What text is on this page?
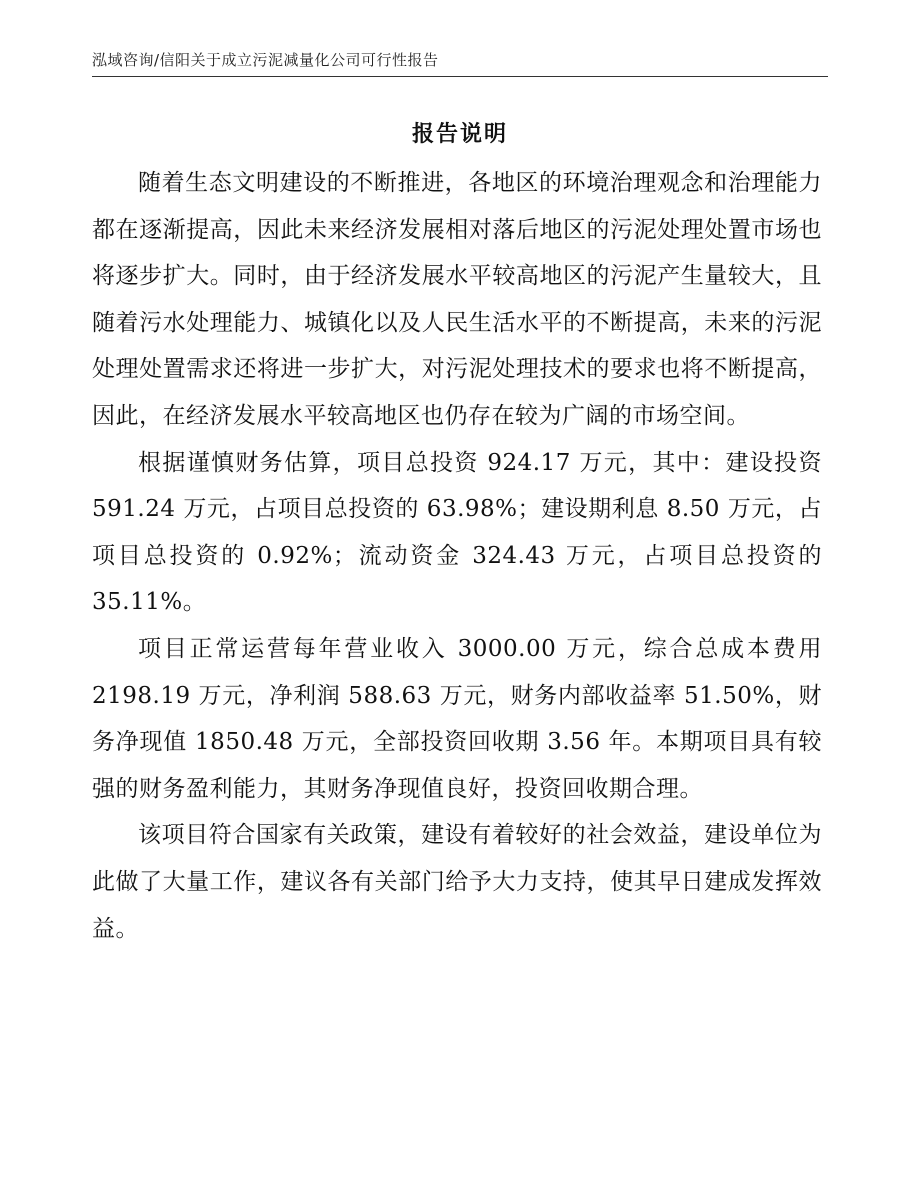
泓域咨询/信阳关于成立污泥减量化公司可行性报告
报告说明

随着生态文明建设的不断推进，各地区的环境治理观念和治理能力都在逐渐提高，因此未来经济发展相对落后地区的污泥处理处置市场也将逐步扩大。同时，由于经济发展水平较高地区的污泥产生量较大，且随着污水处理能力、城镇化以及人民生活水平的不断提高，未来的污泥处理处置需求还将进一步扩大，对污泥处理技术的要求也将不断提高，因此，在经济发展水平较高地区也仍存在较为广阔的市场空间。

根据谨慎财务估算，项目总投资 924.17 万元，其中：建设投资 591.24 万元，占项目总投资的 63.98%；建设期利息 8.50 万元，占项目总投资的 0.92%；流动资金 324.43 万元，占项目总投资的 35.11%。

项目正常运营每年营业收入 3000.00 万元，综合总成本费用 2198.19 万元，净利润 588.63 万元，财务内部收益率 51.50%，财务净现值 1850.48 万元，全部投资回收期 3.56 年。本期项目具有较强的财务盈利能力，其财务净现值良好，投资回收期合理。

该项目符合国家有关政策，建设有着较好的社会效益，建设单位为此做了大量工作，建议各有关部门给予大力支持，使其早日建成发挥效益。
